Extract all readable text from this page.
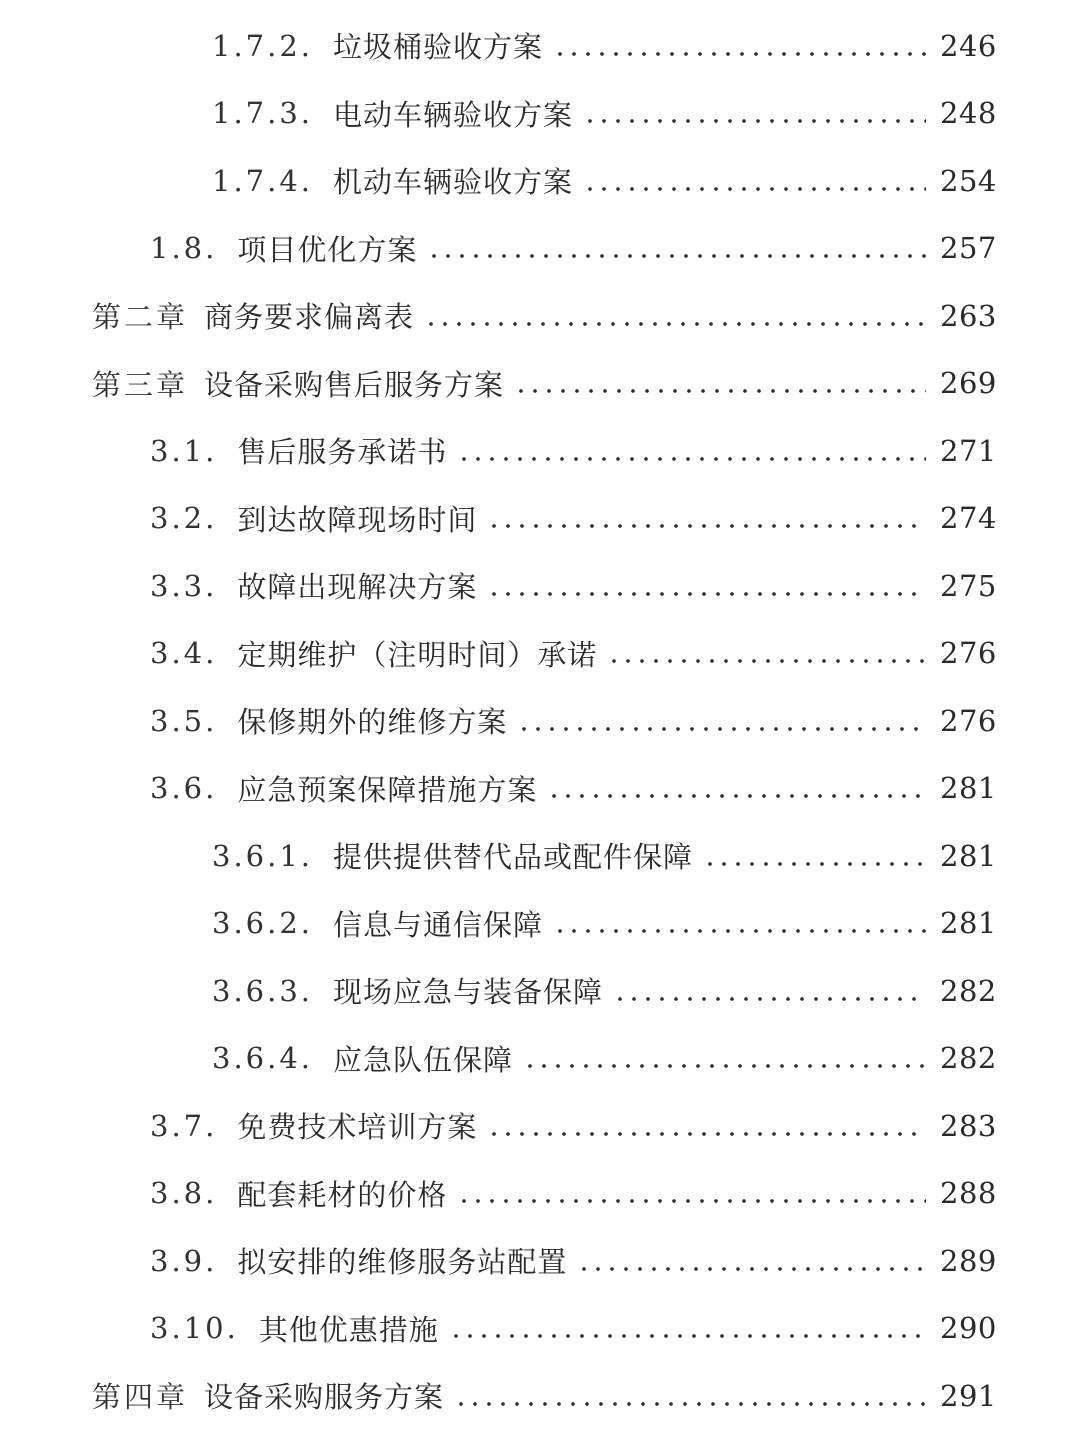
1.7.2. 垃圾桶验收方案	246
1.7.3. 电动车辆验收方案	248
1.7.4. 机动车辆验收方案	254
1.8. 项目优化方案	257
第二章 商务要求偏离表	263
第三章 设备采购售后服务方案	269
3.1. 售后服务承诺书	271
3.2. 到达故障现场时间	274
3.3. 故障出现解决方案	275
3.4. 定期维护（注明时间）承诺	276
3.5. 保修期外的维修方案	276
3.6. 应急预案保障措施方案	281
3.6.1. 提供提供替代品或配件保障	281
3.6.2. 信息与通信保障	281
3.6.3. 现场应急与装备保障	282
3.6.4. 应急队伍保障	282
3.7. 免费技术培训方案	283
3.8. 配套耗材的价格	288
3.9. 拟安排的维修服务站配置	289
3.10. 其他优惠措施	290
第四章 设备采购服务方案	291
